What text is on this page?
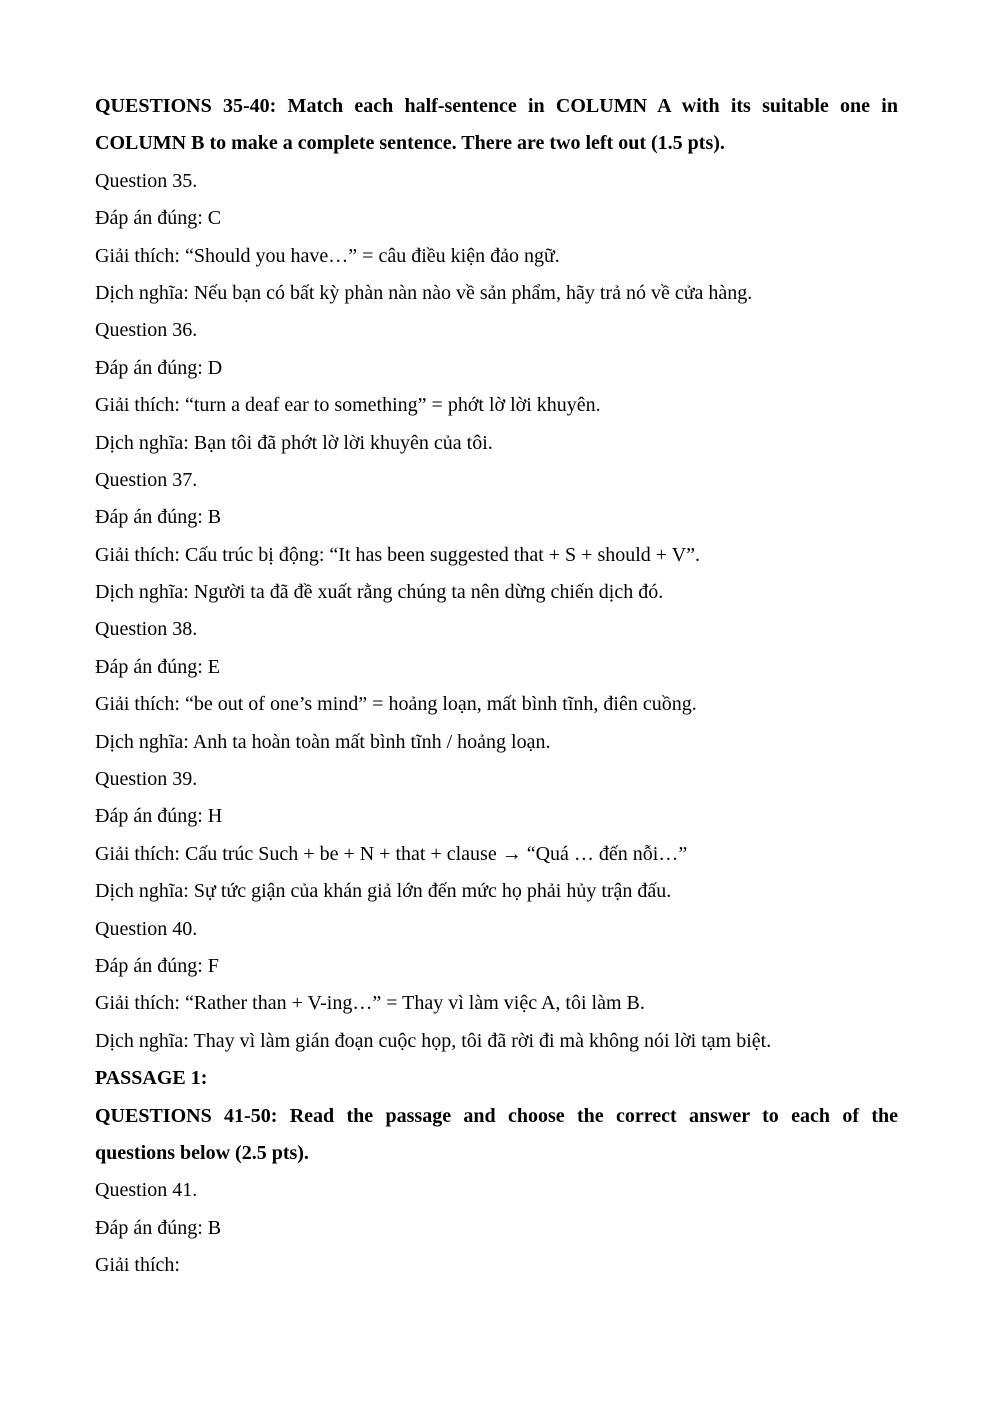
QUESTIONS 35-40: Match each half-sentence in COLUMN A with its suitable one in
COLUMN B to make a complete sentence. There are two left out (1.5 pts).
Question 35.
Đáp án đúng: C
Giải thích: “Should you have…” = câu điều kiện đảo ngữ.
Dịch nghĩa: Nếu bạn có bất kỳ phàn nàn nào về sản phẩm, hãy trả nó về cửa hàng.
Question 36.
Đáp án đúng: D
Giải thích: “turn a deaf ear to something” = phớt lờ lời khuyên.
Dịch nghĩa: Bạn tôi đã phớt lờ lời khuyên của tôi.
Question 37.
Đáp án đúng: B
Giải thích: Cấu trúc bị động: “It has been suggested that + S + should + V”.
Dịch nghĩa: Người ta đã đề xuất rằng chúng ta nên dừng chiến dịch đó.
Question 38.
Đáp án đúng: E
Giải thích: “be out of one’s mind” = hoảng loạn, mất bình tĩnh, điên cuồng.
Dịch nghĩa: Anh ta hoàn toàn mất bình tĩnh / hoảng loạn.
Question 39.
Đáp án đúng: H
Giải thích: Cấu trúc Such + be + N + that + clause → “Quá … đến nỗi…”
Dịch nghĩa: Sự tức giận của khán giả lớn đến mức họ phải hủy trận đấu.
Question 40.
Đáp án đúng: F
Giải thích: “Rather than + V-ing…” = Thay vì làm việc A, tôi làm B.
Dịch nghĩa: Thay vì làm gián đoạn cuộc họp, tôi đã rời đi mà không nói lời tạm biệt.
PASSAGE 1:
QUESTIONS 41-50: Read the passage and choose the correct answer to each of the
questions below (2.5 pts).
Question 41.
Đáp án đúng: B
Giải thích:
